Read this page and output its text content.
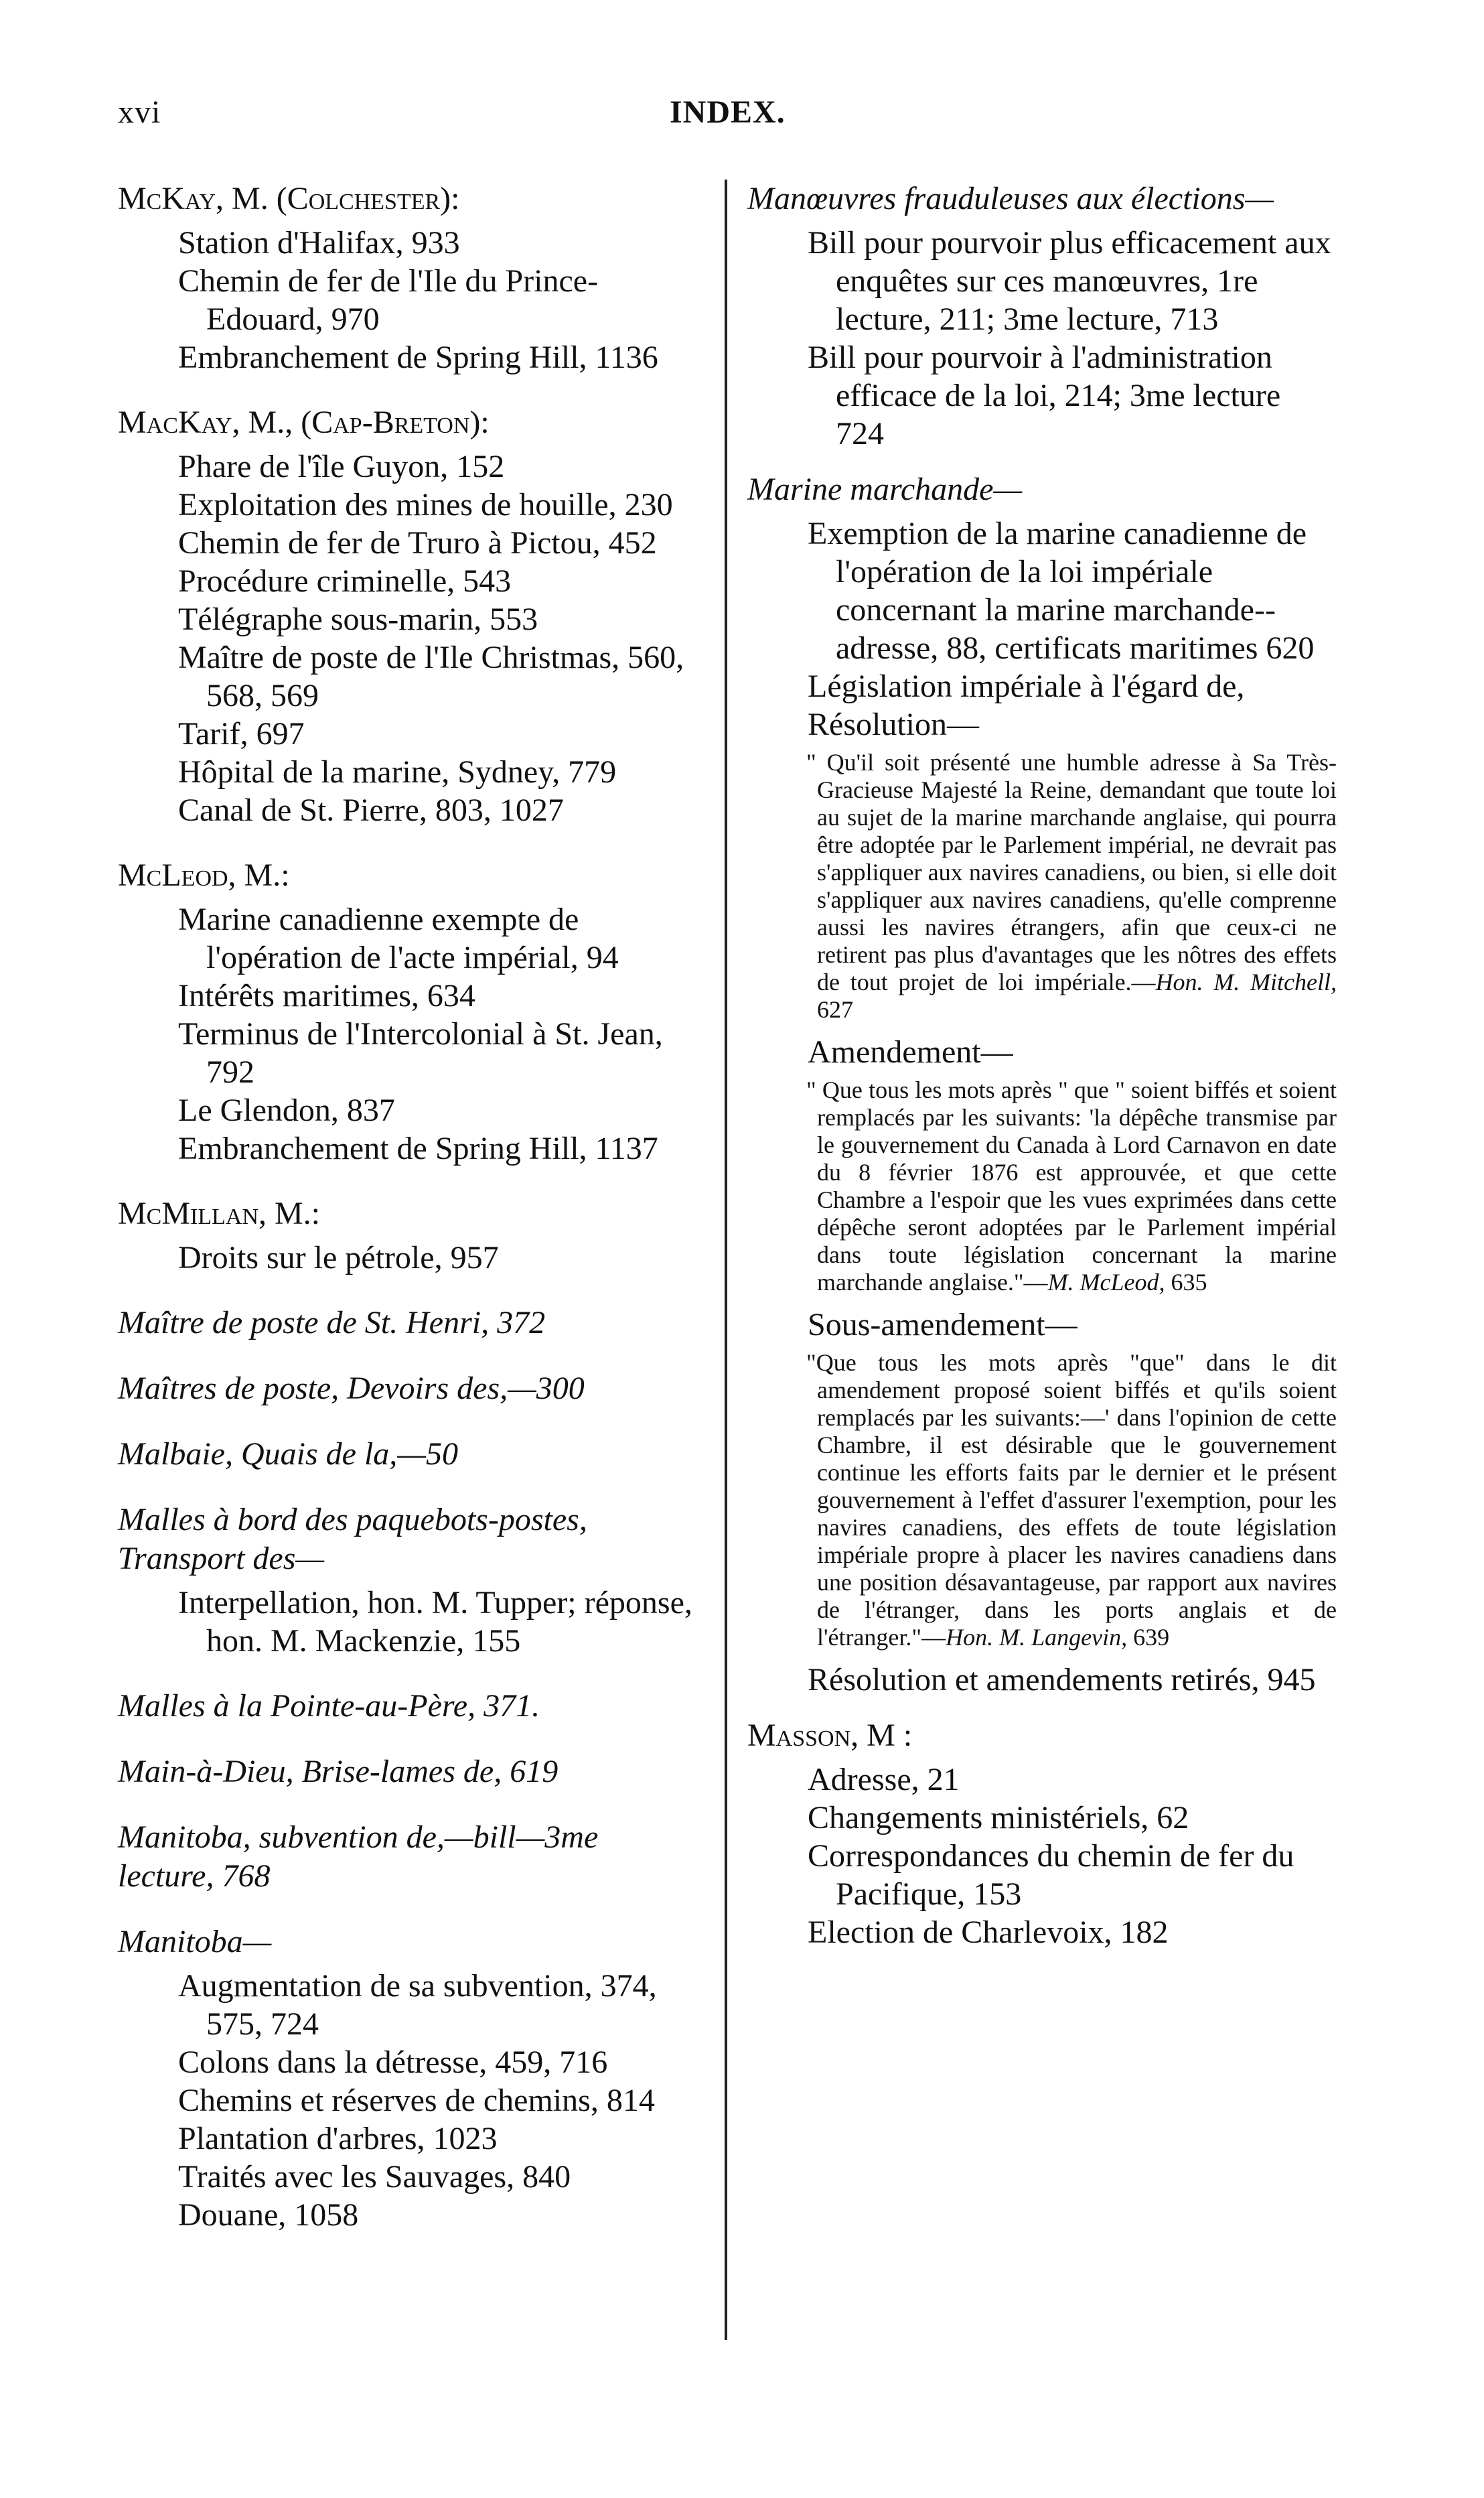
xvi	INDEX.
McKay, M. (Colchester):
Station d'Halifax, 933
Chemin de fer de l'Ile du Prince-Edouard, 970
Embranchement de Spring Hill, 1136
MacKay, M., (Cap-Breton):
Phare de l'île Guyon, 152
Exploitation des mines de houille, 230
Chemin de fer de Truro à Pictou, 452
Procédure criminelle, 543
Télégraphe sous-marin, 553
Maître de poste de l'Ile Christmas, 560, 568, 569
Tarif, 697
Hôpital de la marine, Sydney, 779
Canal de St. Pierre, 803, 1027
McLeod, M.:
Marine canadienne exempte de l'opération de l'acte impérial, 94
Intérêts maritimes, 634
Terminus de l'Intercolonial à St. Jean, 792
Le Glendon, 837
Embranchement de Spring Hill, 1137
McMillan, M.:
Droits sur le pétrole, 957
Maître de poste de St. Henri, 372
Maîtres de poste, Devoirs des,—300
Malbaie, Quais de la,—50
Malles à bord des paquebots-postes, Transport des—
Interpellation, hon. M. Tupper; réponse, hon. M. Mackenzie, 155
Malles à la Pointe-au-Père, 371.
Main-à-Dieu, Brise-lames de, 619
Manitoba, subvention de,—bill—3me lecture, 768
Manitoba—
Augmentation de sa subvention, 374, 575, 724
Colons dans la détresse, 459, 716
Chemins et réserves de chemins, 814
Plantation d'arbres, 1023
Traités avec les Sauvages, 840
Douane, 1058
Manœuvres frauduleuses aux élections—
Bill pour pourvoir plus efficacement aux enquêtes sur ces manœuvres, 1re lecture, 211; 3me lecture, 713
Bill pour pourvoir à l'administration efficace de la loi, 214; 3me lecture 724
Marine marchande—
Exemption de la marine canadienne de l'opération de la loi impériale concernant la marine marchande--adresse, 88, certificats maritimes 620
Législation impériale à l'égard de,
Résolution—
" Qu'il soit présenté une humble adresse à Sa Très-Gracieuse Majesté la Reine, demandant que toute loi au sujet de la marine marchande anglaise, qui pourra être adoptée par le Parlement impérial, ne devrait pas s'appliquer aux navires canadiens, ou bien, si elle doit s'appliquer aux navires canadiens, qu'elle comprenne aussi les navires étrangers, afin que ceux-ci ne retirent pas plus d'avantages que les nôtres des effets de tout projet de loi impériale.—Hon. M. Mitchell, 627
Amendement—
" Que tous les mots après " que " soient biffés et soient remplacés par les suivants: 'la dépêche transmise par le gouvernement du Canada à Lord Carnavon en date du 8 février 1876 est approuvée, et que cette Chambre a l'espoir que les vues exprimées dans cette dépêche seront adoptées par le Parlement impérial dans toute législation concernant la marine marchande anglaise."—M. McLeod, 635
Sous-amendement—
"Que tous les mots après "que" dans le dit amendement proposé soient biffés et qu'ils soient remplacés par les suivants:—' dans l'opinion de cette Chambre, il est désirable que le gouvernement continue les efforts faits par le dernier et le présent gouvernement à l'effet d'assurer l'exemption, pour les navires canadiens, des effets de toute législation impériale propre à placer les navires canadiens dans une position désavantageuse, par rapport aux navires de l'étranger, dans les ports anglais et de l'étranger."—Hon. M. Langevin, 639
Résolution et amendements retirés, 945
Masson, M :
Adresse, 21
Changements ministériels, 62
Correspondances du chemin de fer du Pacifique, 153
Election de Charlevoix, 182
